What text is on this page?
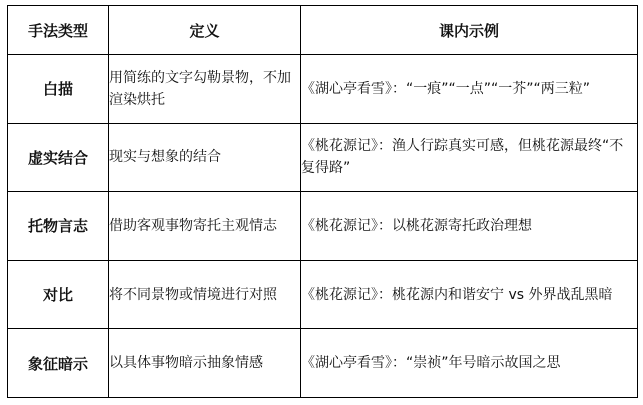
手法类型	定义	课内示例
白描	用简练的文字勾勒景物，不加渲染烘托	《湖心亭看雪》：“一痕”“一点”“一芥”“两三粒”
虚实结合	现实与想象的结合	《桃花源记》：渔人行踪真实可感，但桃花源最终“不复得路”
托物言志	借助客观事物寄托主观情志	《桃花源记》：以桃花源寄托政治理想
对比	将不同景物或情境进行对照	《桃花源记》：桃花源内和谐安宁 vs 外界战乱黑暗
象征暗示	以具体事物暗示抽象情感	《湖心亭看雪》：“崇祯”年号暗示故国之思
